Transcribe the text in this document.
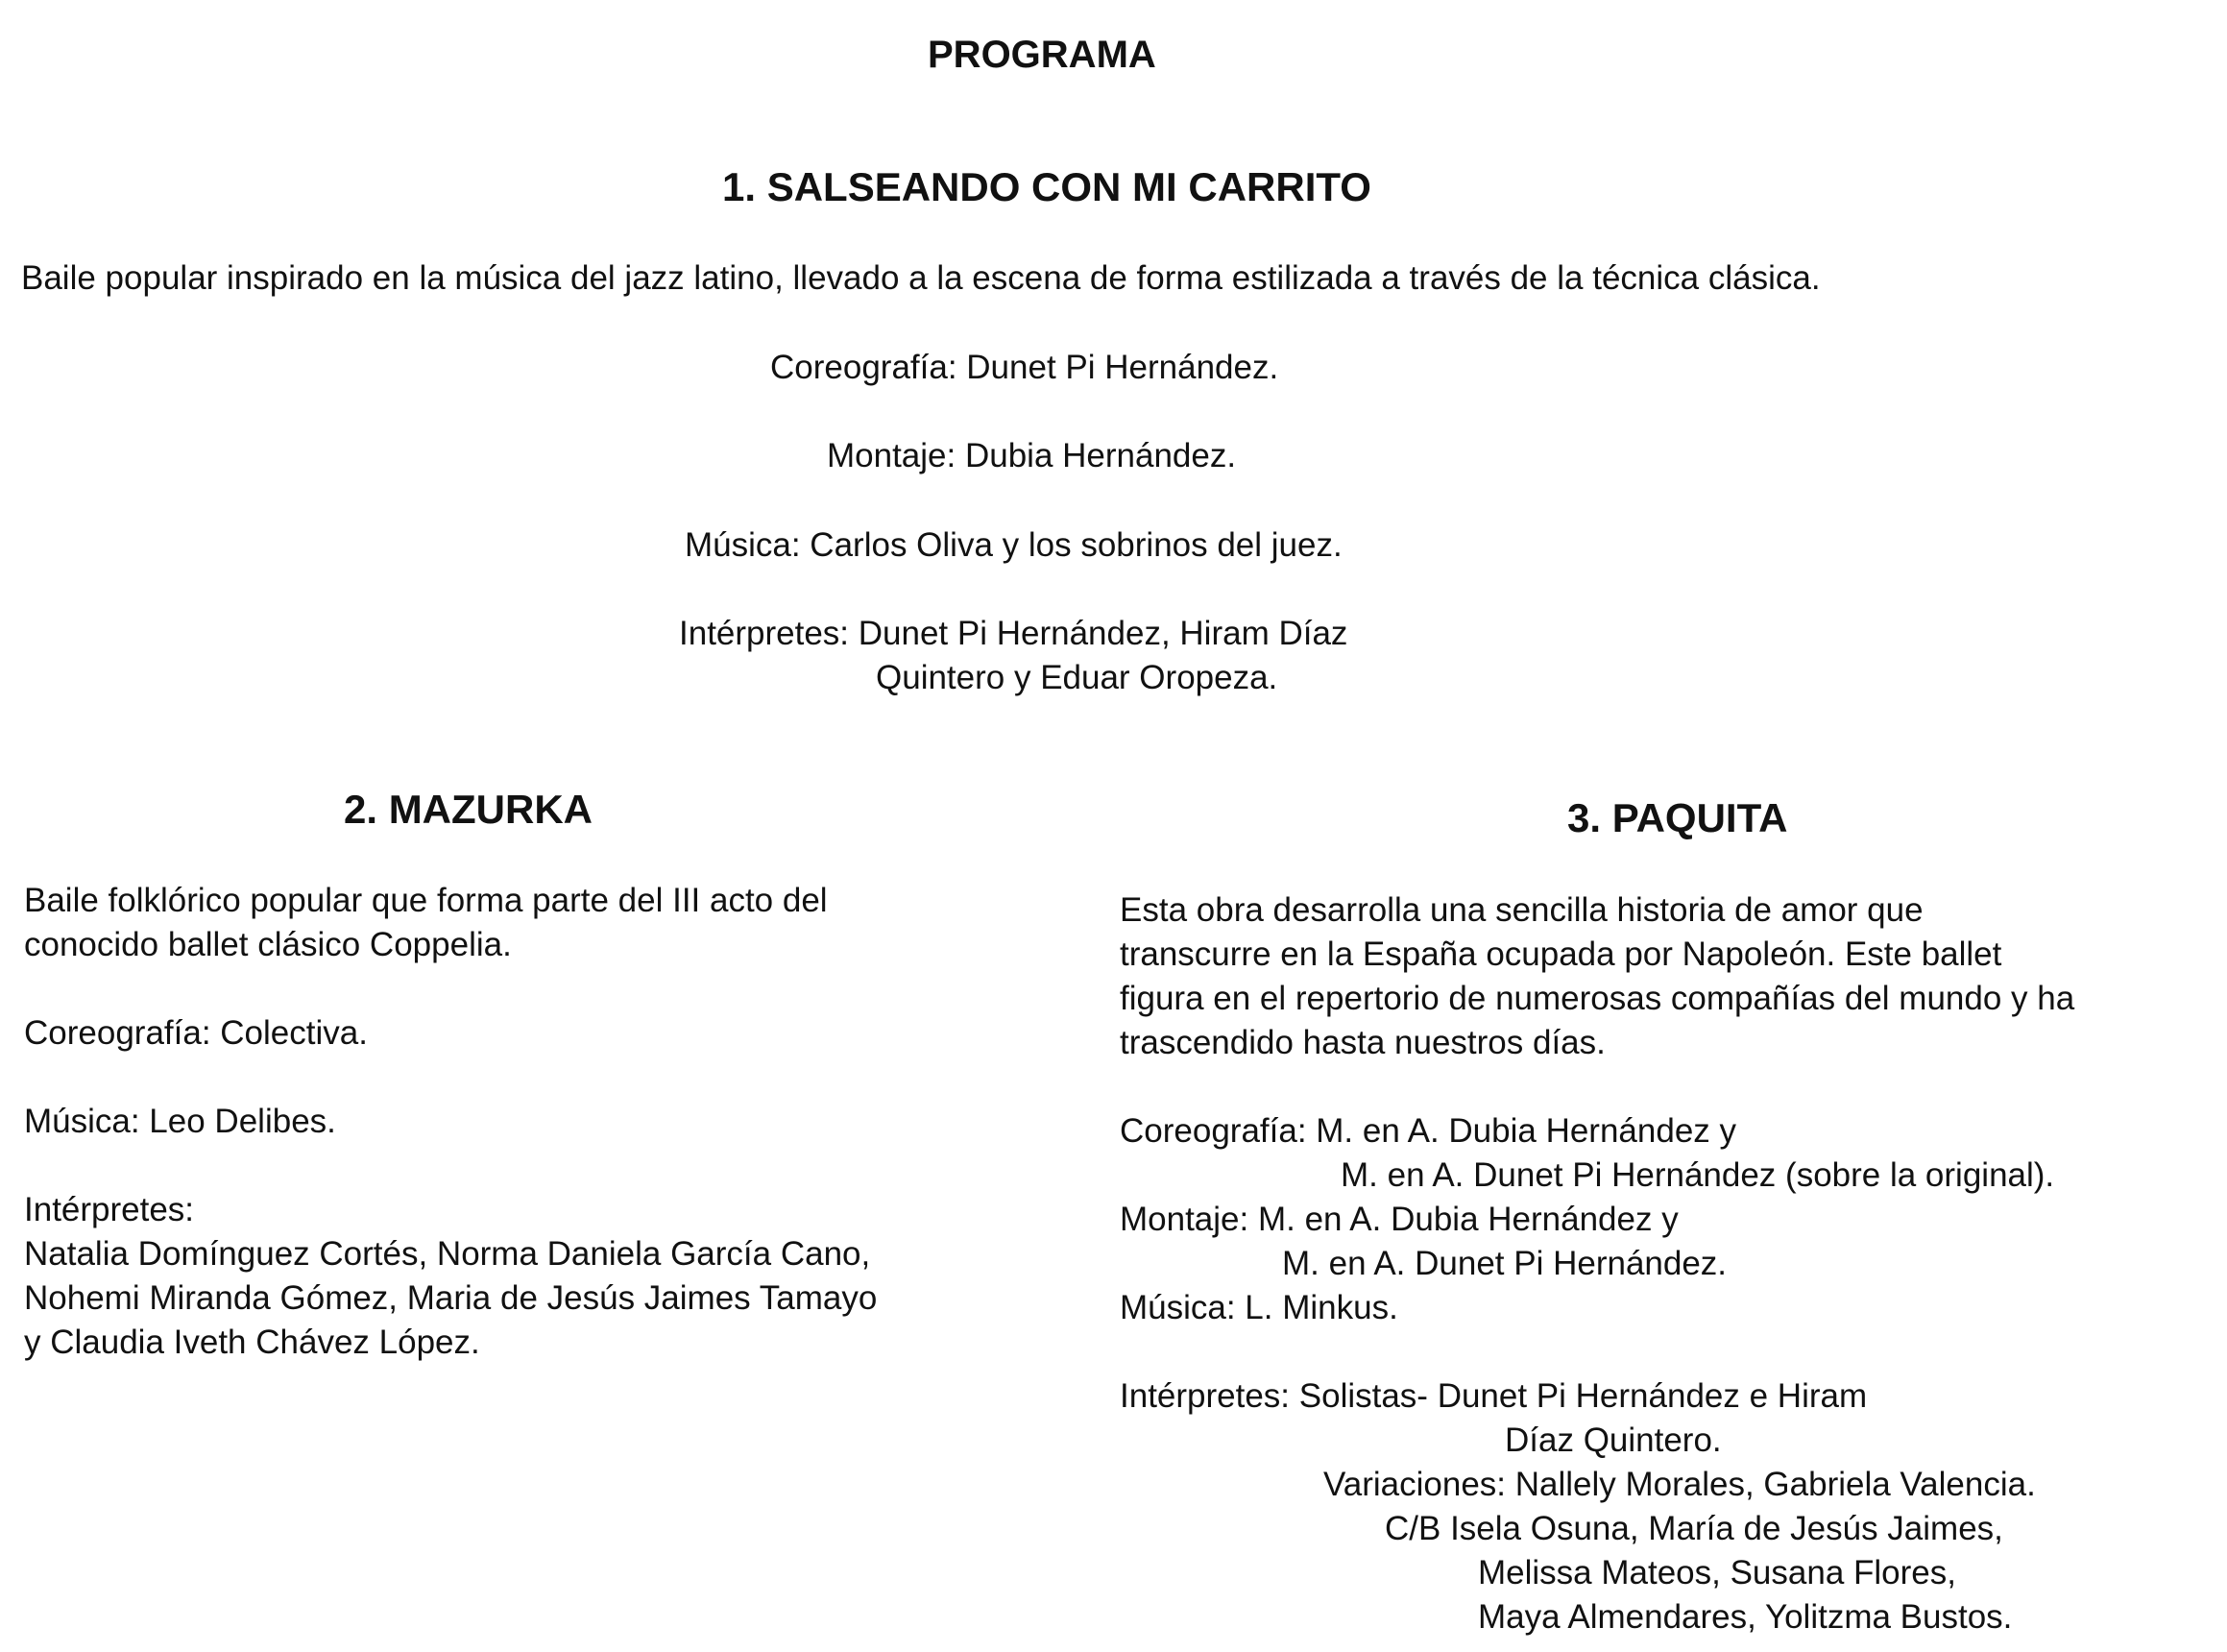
PROGRAMA
1. SALSEANDO CON MI CARRITO
Baile popular inspirado en la música del jazz latino, llevado a la escena de forma estilizada a través de la técnica clásica.
Coreografía: Dunet Pi Hernández.
Montaje: Dubia Hernández.
Música: Carlos Oliva y los sobrinos del juez.
Intérpretes: Dunet Pi Hernández, Hiram Díaz
Quintero y Eduar Oropeza.
2. MAZURKA
Baile folklórico popular que forma parte del III acto del
conocido ballet clásico Coppelia.
Coreografía: Colectiva.
Música: Leo Delibes.
Intérpretes:
Natalia Domínguez Cortés, Norma Daniela García Cano,
Nohemi Miranda Gómez, Maria de Jesús Jaimes Tamayo
y Claudia Iveth Chávez López.
3. PAQUITA
Esta obra desarrolla una sencilla historia de amor que
transcurre en la España ocupada por Napoleón. Este ballet
figura en el repertorio de numerosas compañías del mundo y ha
trascendido hasta nuestros días.
Coreografía: M. en A. Dubia Hernández y
M. en A. Dunet Pi Hernández (sobre la original).
Montaje: M. en A. Dubia Hernández y
M. en A. Dunet Pi Hernández.
Música: L. Minkus.
Intérpretes: Solistas- Dunet Pi Hernández e Hiram
Díaz Quintero.
Variaciones: Nallely Morales, Gabriela Valencia.
C/B Isela Osuna, María de Jesús Jaimes,
Melissa Mateos, Susana Flores,
Maya Almendares, Yolitzma Bustos.
